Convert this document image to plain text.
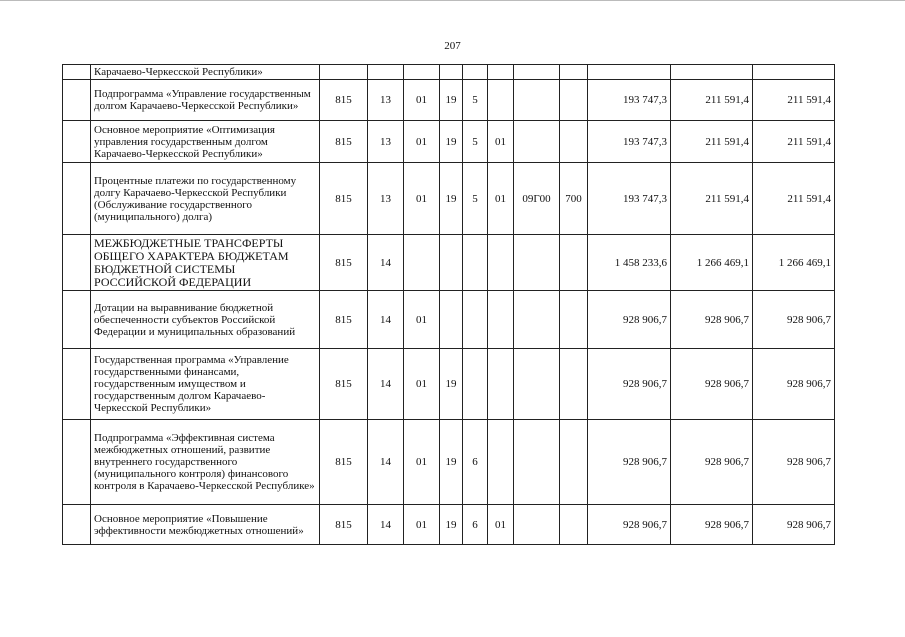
207
	Карачаево-Черкесской Республики»											
	Подпрограмма «Управление государственным долгом Карачаево-Черкесской Республики»	815	13	01	19	5				193 747,3	211 591,4	211 591,4
	Основное мероприятие «Оптимизация управления государственным долгом Карачаево-Черкесской Республики»	815	13	01	19	5	01			193 747,3	211 591,4	211 591,4
	Процентные платежи по государственному долгу Карачаево-Черкесской Республики (Обслуживание государственного (муниципального) долга)	815	13	01	19	5	01	09Г00	700	193 747,3	211 591,4	211 591,4
	МЕЖБЮДЖЕТНЫЕ ТРАНСФЕРТЫ ОБЩЕГО ХАРАКТЕРА БЮДЖЕТАМ БЮДЖЕТНОЙ СИСТЕМЫ РОССИЙСКОЙ ФЕДЕРАЦИИ	815	14							1 458 233,6	1 266 469,1	1 266 469,1
	Дотации на выравнивание бюджетной обеспеченности субъектов Российской Федерации и муниципальных образований	815	14	01						928 906,7	928 906,7	928 906,7
	Государственная программа «Управление государственными финансами, государственным имуществом и государственным долгом Карачаево-Черкесской Республики»	815	14	01	19					928 906,7	928 906,7	928 906,7
	Подпрограмма «Эффективная система межбюджетных отношений, развитие внутреннего государственного (муниципального контроля) финансового контроля в Карачаево-Черкесской Республике»	815	14	01	19	6				928 906,7	928 906,7	928 906,7
	Основное мероприятие «Повышение эффективности межбюджетных отношений»	815	14	01	19	6	01			928 906,7	928 906,7	928 906,7
